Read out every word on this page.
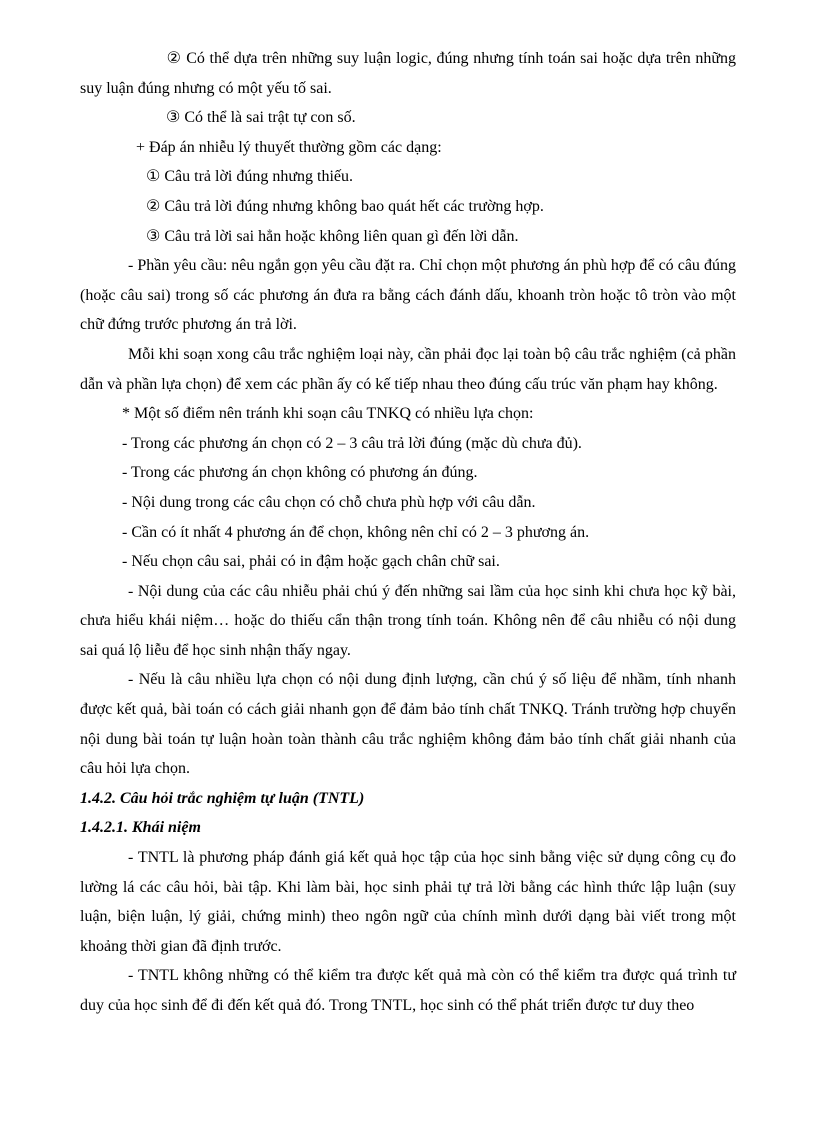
② Có thể dựa trên những suy luận logic, đúng nhưng tính toán sai hoặc dựa trên những suy luận đúng nhưng có một yếu tố sai.

③ Có thể là sai trật tự con số.

+ Đáp án nhiễu lý thuyết thường gồm các dạng:

① Câu trả lời đúng nhưng thiếu.

② Câu trả lời đúng nhưng không bao quát hết các trường hợp.

③ Câu trả lời sai hẳn hoặc không liên quan gì đến lời dẫn.

- Phần yêu cầu: nêu ngắn gọn yêu cầu đặt ra. Chỉ chọn một phương án phù hợp để có câu đúng (hoặc câu sai) trong số các phương án đưa ra bằng cách đánh dấu, khoanh tròn hoặc tô tròn vào một chữ đứng trước phương án trả lời.

Mỗi khi soạn xong câu trắc nghiệm loại này, cần phải đọc lại toàn bộ câu trắc nghiệm (cả phần dẫn và phần lựa chọn) để xem các phần ấy có kế tiếp nhau theo đúng cấu trúc văn phạm hay không.

* Một số điểm nên tránh khi soạn câu TNKQ có nhiều lựa chọn:

- Trong các phương án chọn có 2 – 3 câu trả lời đúng (mặc dù chưa đủ).

- Trong các phương án chọn không có phương án đúng.

- Nội dung trong các câu chọn có chỗ chưa phù hợp với câu dẫn.

- Cần có ít nhất 4 phương án để chọn, không nên chỉ có 2 – 3 phương án.

- Nếu chọn câu sai, phải có in đậm hoặc gạch chân chữ sai.

- Nội dung của các câu nhiễu phải chú ý đến những sai lầm của học sinh khi chưa học kỹ bài, chưa hiểu khái niệm… hoặc do thiếu cẩn thận trong tính toán. Không nên để câu nhiễu có nội dung sai quá lộ liễu để học sinh nhận thấy ngay.

- Nếu là câu nhiều lựa chọn có nội dung định lượng, cần chú ý số liệu để nhầm, tính nhanh được kết quả, bài toán có cách giải nhanh gọn để đảm bảo tính chất TNKQ. Tránh trường hợp chuyển nội dung bài toán tự luận hoàn toàn thành câu trắc nghiệm không đảm bảo tính chất giải nhanh của câu hỏi lựa chọn.

1.4.2. Câu hỏi trắc nghiệm tự luận (TNTL)

1.4.2.1. Khái niệm

- TNTL là phương pháp đánh giá kết quả học tập của học sinh bằng việc sử dụng công cụ đo lường lá các câu hỏi, bài tập. Khi làm bài, học sinh phải tự trả lời bằng các hình thức lập luận (suy luận, biện luận, lý giải, chứng minh) theo ngôn ngữ của chính mình dưới dạng bài viết trong một khoảng thời gian đã định trước.

- TNTL không những có thể kiểm tra được kết quả mà còn có thể kiểm tra được quá trình tư duy của học sinh để đi đến kết quả đó. Trong TNTL, học sinh có thể phát triển được tư duy theo
